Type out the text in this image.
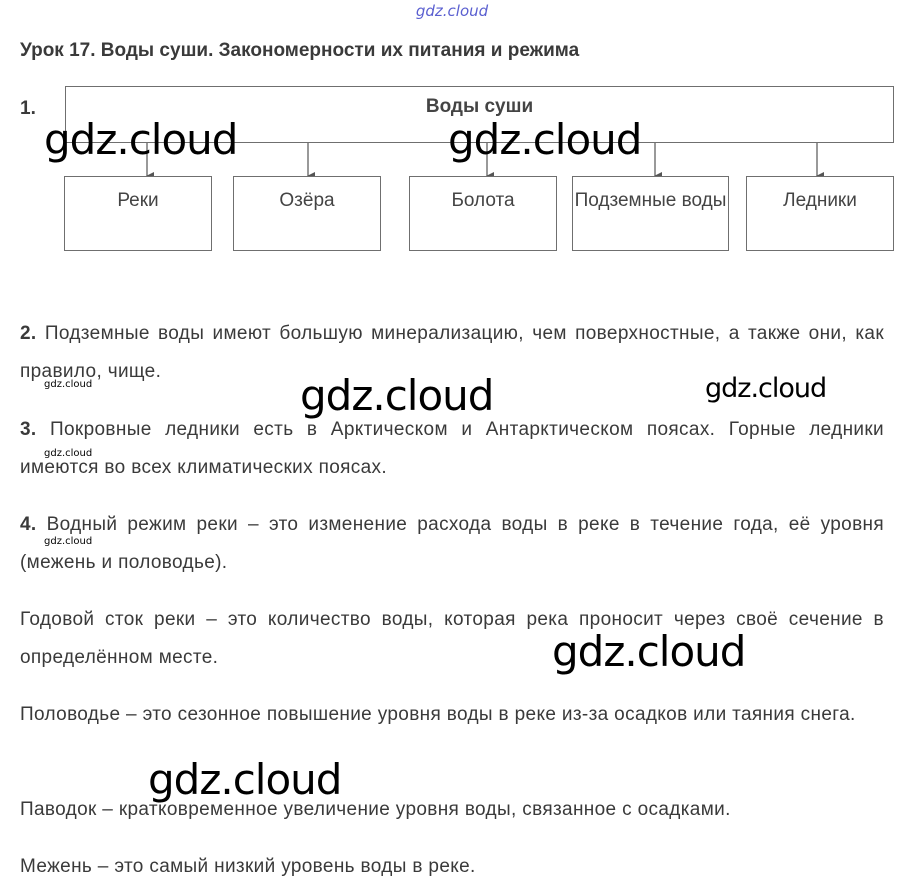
gdz.cloud
Урок 17. Воды суши. Закономерности их питания и режима
1.	Воды суши
Реки	Озёра	Болота	Подземные воды	Ледники
2. Подземные воды имеют большую минерализацию, чем поверхностные, а также они, как правило, чище.
3. Покровные ледники есть в Арктическом и Антарктическом поясах. Горные ледники имеются во всех климатических поясах.
4. Водный режим реки – это изменение расхода воды в реке в течение года, её уровня (межень и половодье).
Годовой сток реки – это количество воды, которая река проносит через своё сечение в определённом месте.
Половодье – это сезонное повышение уровня воды в реке из-за осадков или таяния снега.
Паводок – кратковременное увеличение уровня воды, связанное с осадками.
Межень – это самый низкий уровень воды в реке.
gdz.cloud	gdz.cloud
gdz.cloud	gdz.cloud
gdz.cloud
gdz.cloud
gdz.cloud
gdz.cloud
gdz.cloud
